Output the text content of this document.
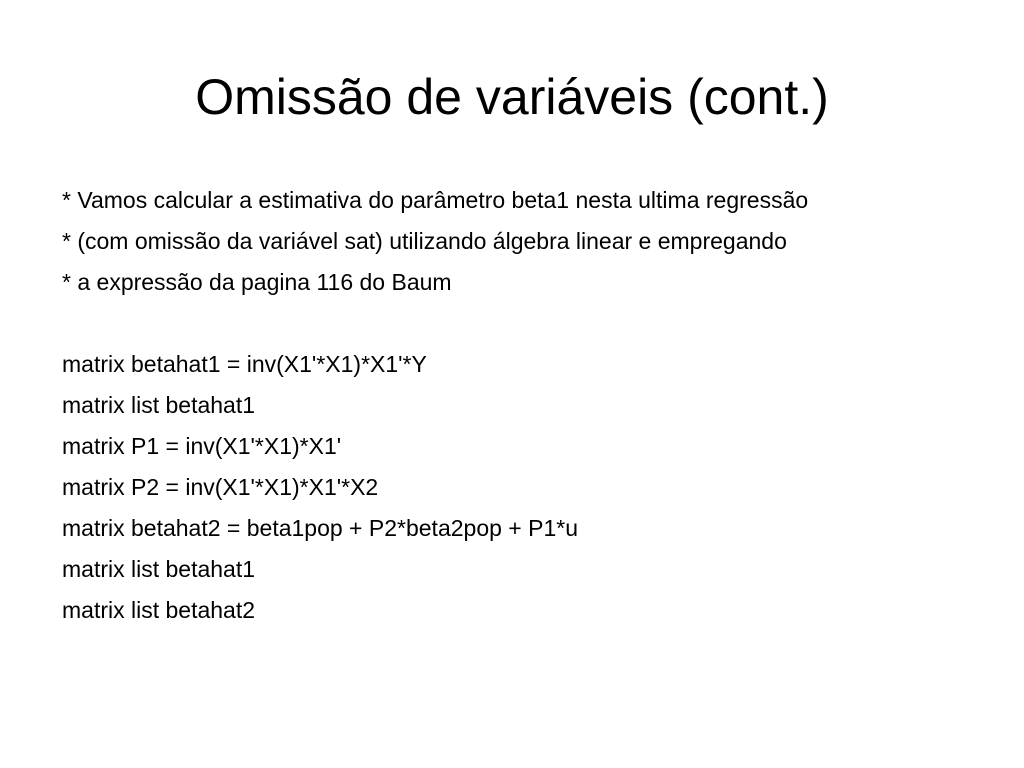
Omissão de variáveis (cont.)
* Vamos calcular a estimativa do parâmetro beta1 nesta ultima regressão
* (com omissão da variável sat) utilizando álgebra linear e empregando
* a expressão da pagina 116 do Baum
matrix betahat1 = inv(X1'*X1)*X1'*Y
matrix list betahat1
matrix P1 = inv(X1'*X1)*X1'
matrix P2 = inv(X1'*X1)*X1'*X2
matrix betahat2 = beta1pop + P2*beta2pop + P1*u
matrix list betahat1
matrix list betahat2
